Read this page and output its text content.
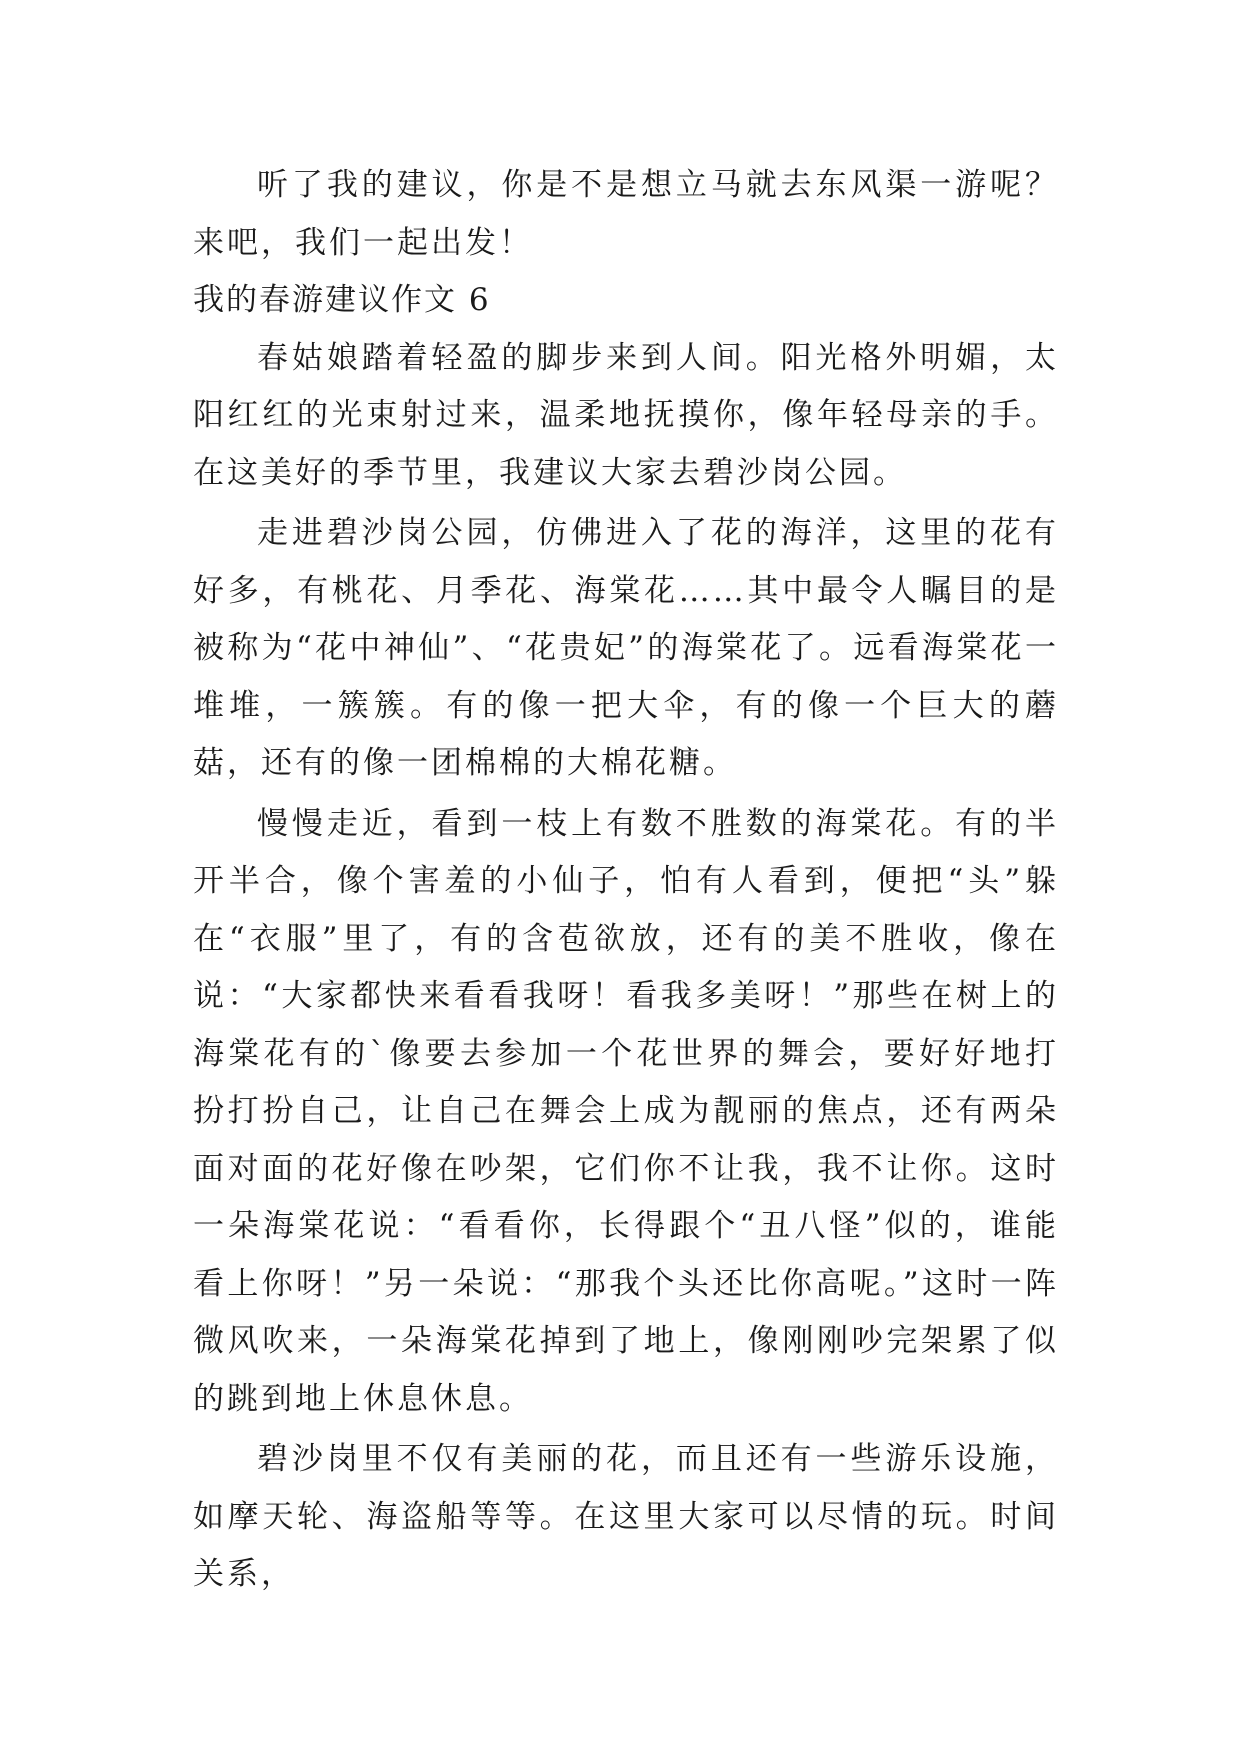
听了我的建议，你是不是想立马就去东风渠一游呢？来吧，我们一起出发！

我的春游建议作文 6

春姑娘踏着轻盈的脚步来到人间。阳光格外明媚，太阳红红的光束射过来，温柔地抚摸你，像年轻母亲的手。在这美好的季节里，我建议大家去碧沙岗公园。

走进碧沙岗公园，仿佛进入了花的海洋，这里的花有好多，有桃花、月季花、海棠花……其中最令人瞩目的是被称为“花中神仙”、“花贵妃”的海棠花了。远看海棠花一堆堆，一簇簇。有的像一把大伞，有的像一个巨大的蘑菇，还有的像一团棉棉的大棉花糖。

慢慢走近，看到一枝上有数不胜数的海棠花。有的半开半合，像个害羞的小仙子，怕有人看到，便把“头”躲在“衣服”里了，有的含苞欲放，还有的美不胜收，像在说：“大家都快来看看我呀！看我多美呀！”那些在树上的海棠花有的`像要去参加一个花世界的舞会，要好好地打扮打扮自己，让自己在舞会上成为靓丽的焦点，还有两朵面对面的花好像在吵架，它们你不让我，我不让你。这时一朵海棠花说：“看看你，长得跟个“丑八怪”似的，谁能看上你呀！”另一朵说：“那我个头还比你高呢。”这时一阵微风吹来，一朵海棠花掉到了地上，像刚刚吵完架累了似的跳到地上休息休息。

碧沙岗里不仅有美丽的花，而且还有一些游乐设施，如摩天轮、海盗船等等。在这里大家可以尽情的玩。时间关系，
